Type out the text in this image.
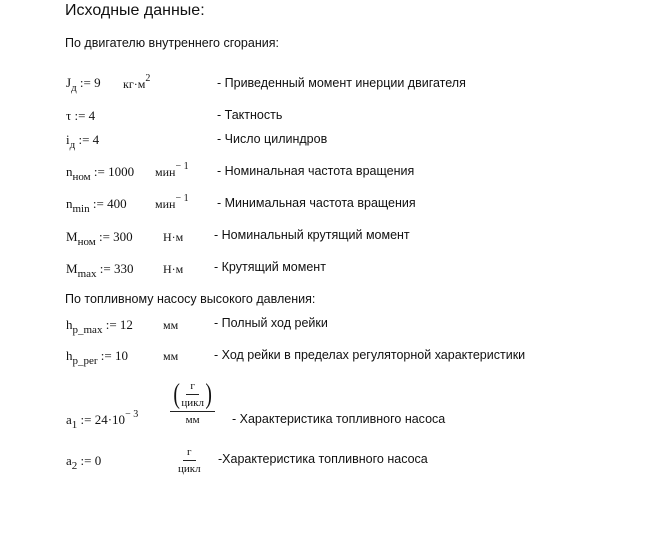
Исходные данные:
По двигателю внутреннего сгорания:
$J_д$ := 9 $кг\cdot м^2$	- Приведенный момент инерции двигателя
τ := 4	- Тактность
$i_д$ := 4	- Число цилиндров
$n_{ном}$ := 1000 мин$^{- 1}$ - Номинальная частота вращения
$n_{min}$ := 400 мин$^{- 1}$ - Минимальная частота вращения
$M_{ном}$ := 300	Н·м - Номинальный крутящий момент
$M_{max}$ := 330 Н·м - Крутящий момент
По топливному насосу высокого давления:
$h_{p\_max}$ := 12	мм	- Полный ход рейки
$h_{p\_per}$ := 10	мм	- Ход рейки в пределах регуляторной характеристики
$a_1$ := $24\cdot 10^{- 3} \frac{( \frac{г}{\text{цикл}} )}{мм}$ - Характеристика топливного насоса
$a_2$ := 0	$\frac{г}{\text{цикл}}$ -Характеристика топливного насоса
